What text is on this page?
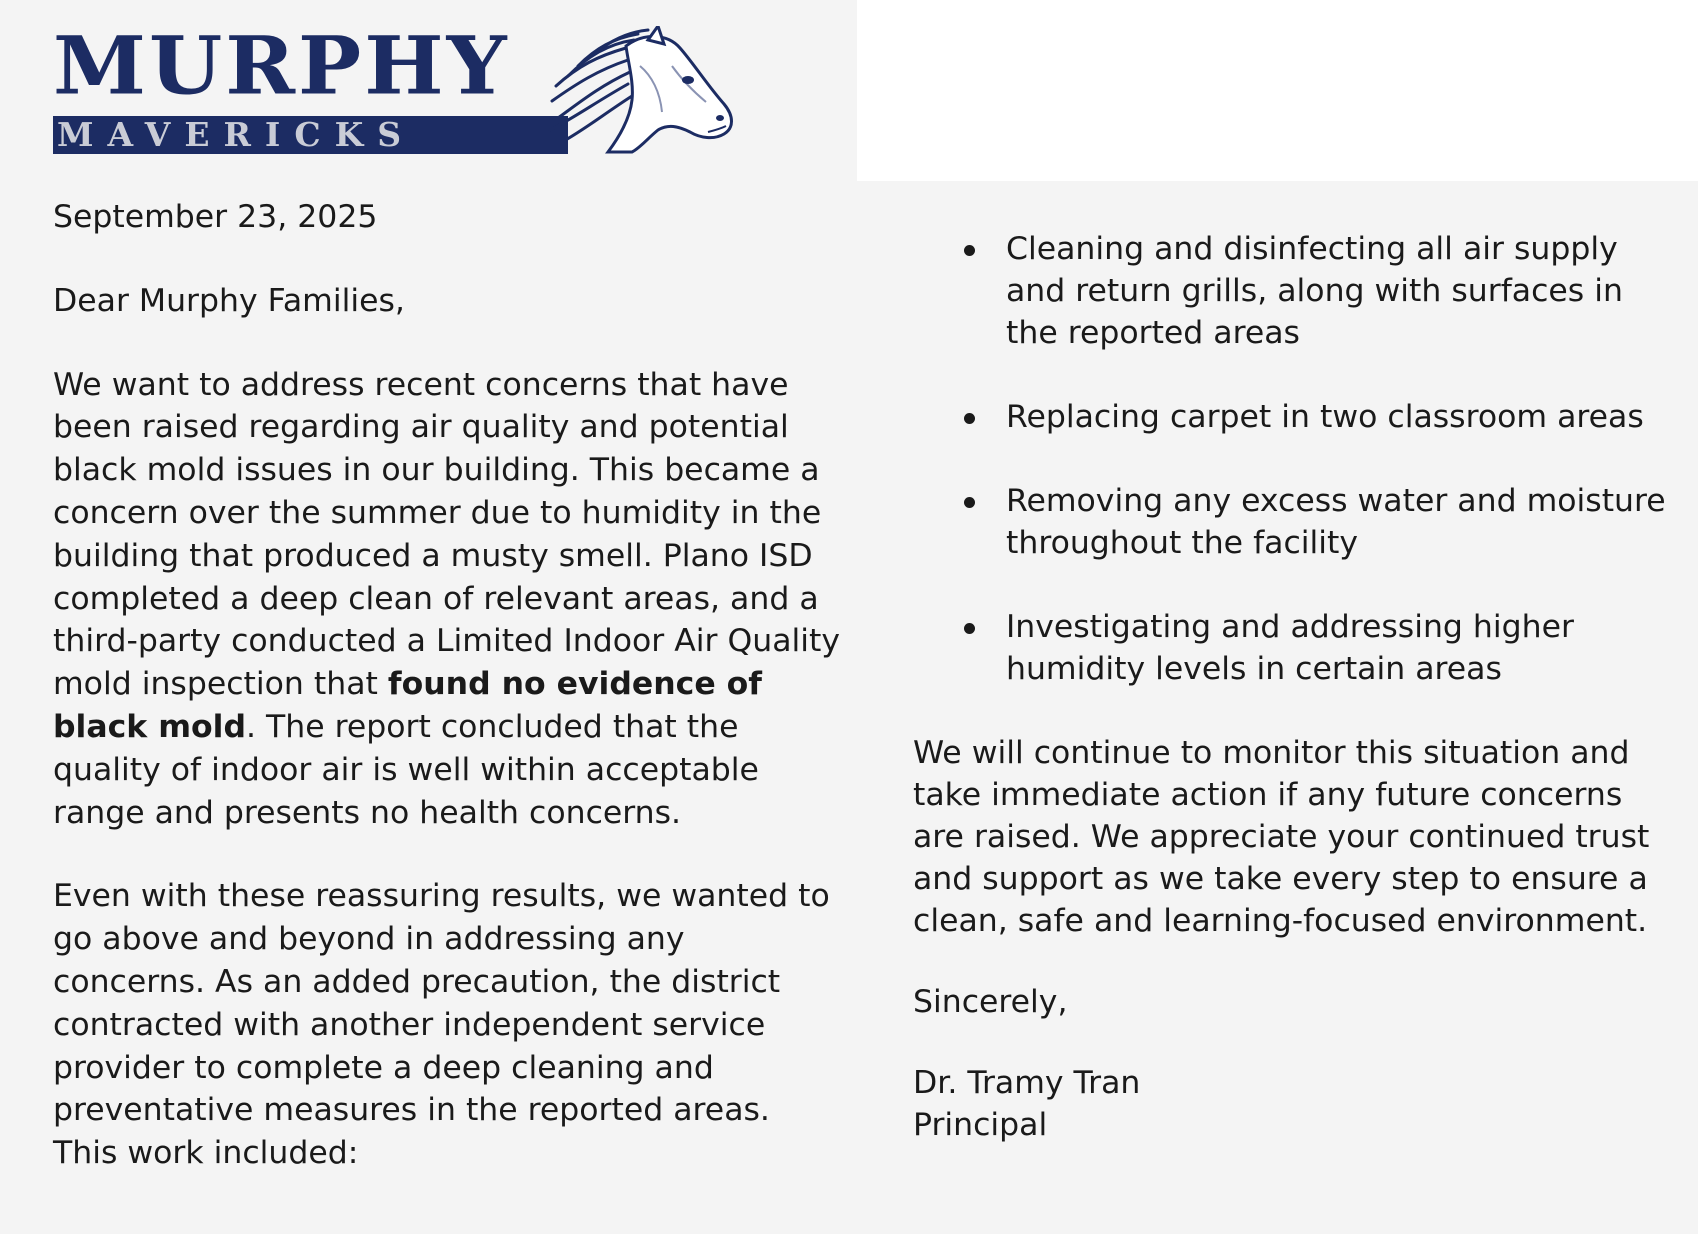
MURPHY
MAVERICKS

September 23, 2025

Dear Murphy Families,

We want to address recent concerns that have been raised regarding air quality and potential black mold issues in our building. This became a concern over the summer due to humidity in the building that produced a musty smell. Plano ISD completed a deep clean of relevant areas, and a third-party conducted a Limited Indoor Air Quality mold inspection that found no evidence of black mold. The report concluded that the quality of indoor air is well within acceptable range and presents no health concerns.

Even with these reassuring results, we wanted to go above and beyond in addressing any concerns. As an added precaution, the district contracted with another independent service provider to complete a deep cleaning and preventative measures in the reported areas. This work included:

Cleaning and disinfecting all air supply and return grills, along with surfaces in the reported areas
Replacing carpet in two classroom areas
Removing any excess water and moisture throughout the facility
Investigating and addressing higher humidity levels in certain areas

We will continue to monitor this situation and take immediate action if any future concerns are raised. We appreciate your continued trust and support as we take every step to ensure a clean, safe and learning-focused environment.

Sincerely,

Dr. Tramy Tran
Principal
